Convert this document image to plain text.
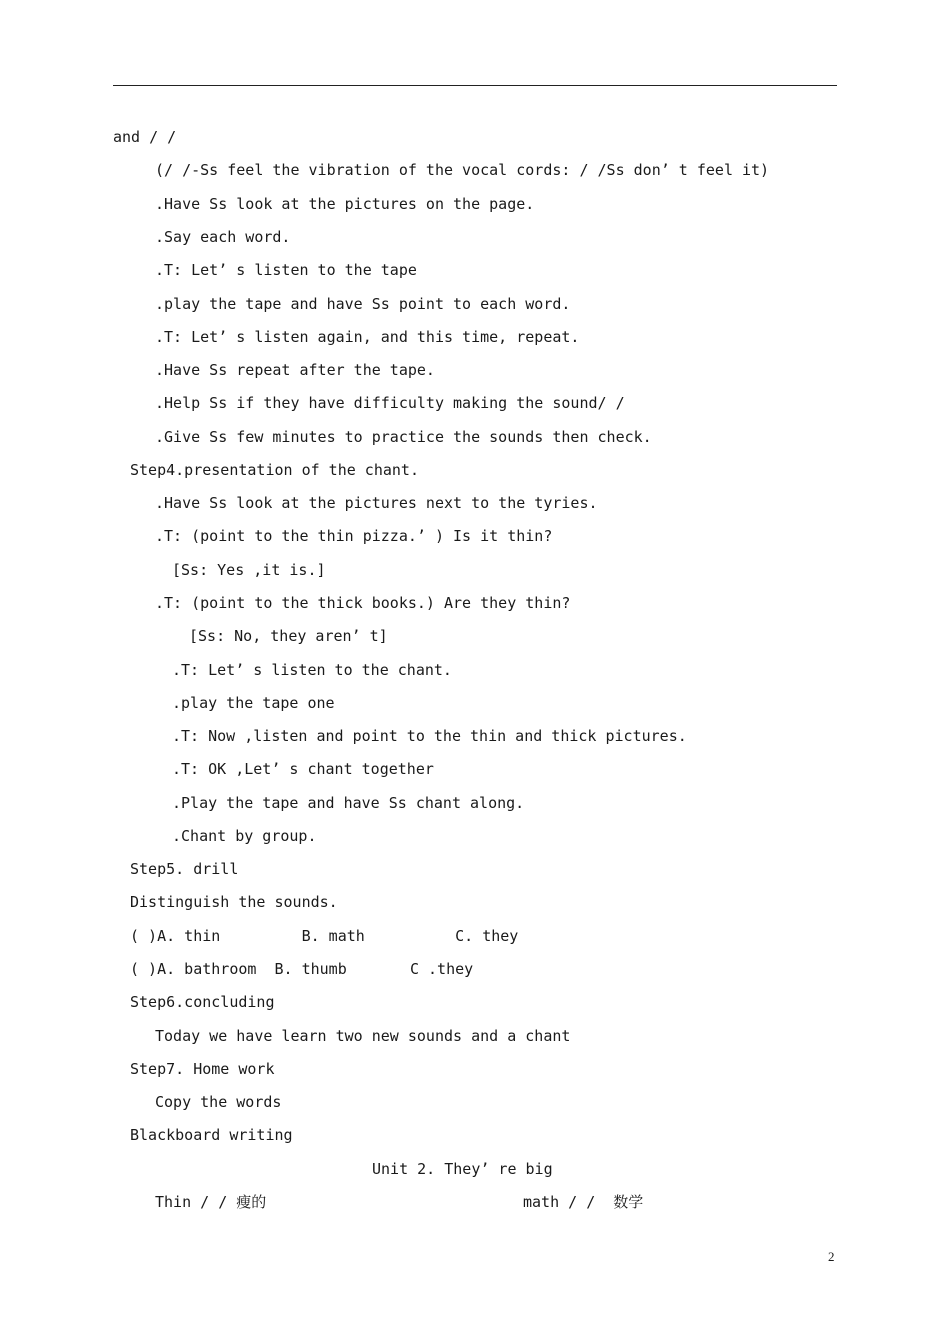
and / /
(/ /-Ss feel the vibration of the vocal cords: / /Ss don’ t feel it)
.Have Ss look at the pictures on the page.
.Say each word.
.T: Let’ s listen to the tape
.play the tape and have Ss point to each word.
.T: Let’ s listen again, and this time, repeat.
.Have Ss repeat after the tape.
.Help Ss if they have difficulty making the sound/ /
.Give Ss few minutes to practice the sounds then check.
Step4.presentation of the chant.
.Have Ss look at the pictures next to the tyries.
.T: (point to the thin pizza.’ ) Is it thin?
[Ss: Yes ,it is.]
.T: (point to the thick books.) Are they thin?
[Ss: No, they aren’ t]
.T: Let’ s listen to the chant.
.play the tape one
.T: Now ,listen and point to the thin and thick pictures.
.T: OK ,Let’ s chant together
.Play the tape and have Ss chant along.
.Chant by group.
Step5. drill
Distinguish the sounds.
( )A. thin         B. math          C. they
( )A. bathroom  B. thumb       C .they
Step6.concluding
Today we have learn two new sounds and a chant
Step7. Home work
Copy the words
Blackboard writing
Unit 2. They’ re big
Thin / / 瘦的	math / /  数学
2
